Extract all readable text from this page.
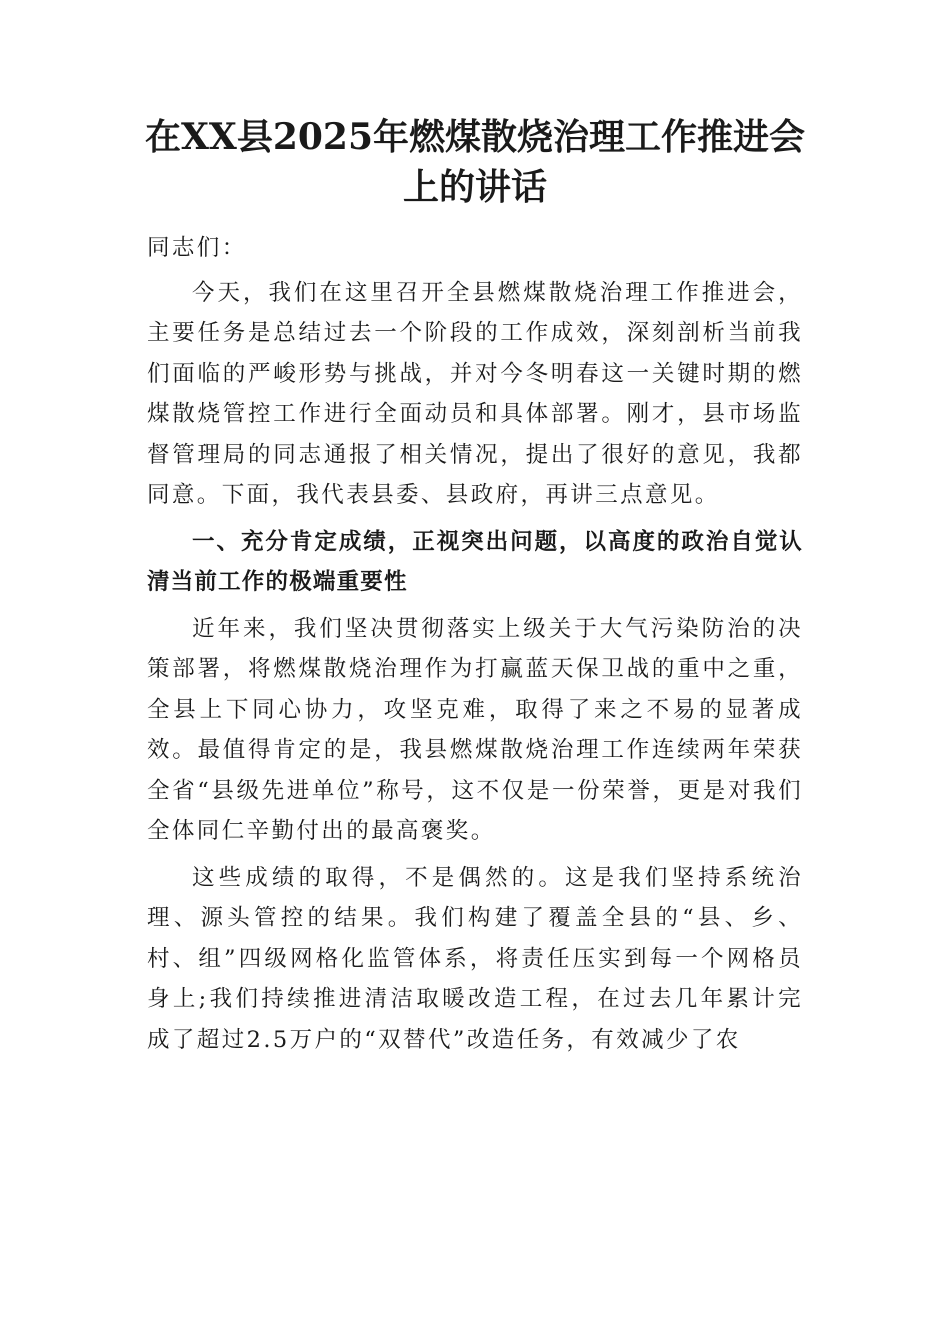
在XX县2025年燃煤散烧治理工作推进会上的讲话

同志们：

今天，我们在这里召开全县燃煤散烧治理工作推进会，主要任务是总结过去一个阶段的工作成效，深刻剖析当前我们面临的严峻形势与挑战，并对今冬明春这一关键时期的燃煤散烧管控工作进行全面动员和具体部署。刚才，县市场监督管理局的同志通报了相关情况，提出了很好的意见，我都同意。下面，我代表县委、县政府，再讲三点意见。

一、充分肯定成绩，正视突出问题，以高度的政治自觉认清当前工作的极端重要性

近年来，我们坚决贯彻落实上级关于大气污染防治的决策部署，将燃煤散烧治理作为打赢蓝天保卫战的重中之重，全县上下同心协力，攻坚克难，取得了来之不易的显著成效。最值得肯定的是，我县燃煤散烧治理工作连续两年荣获全省“县级先进单位”称号，这不仅是一份荣誉，更是对我们全体同仁辛勤付出的最高褒奖。

这些成绩的取得，不是偶然的。这是我们坚持系统治理、源头管控的结果。我们构建了覆盖全县的“县、乡、村、组”四级网格化监管体系，将责任压实到每一个网格员身上;我们持续推进清洁取暖改造工程，在过去几年累计完成了超过2.5万户的“双替代”改造任务，有效减少了农
